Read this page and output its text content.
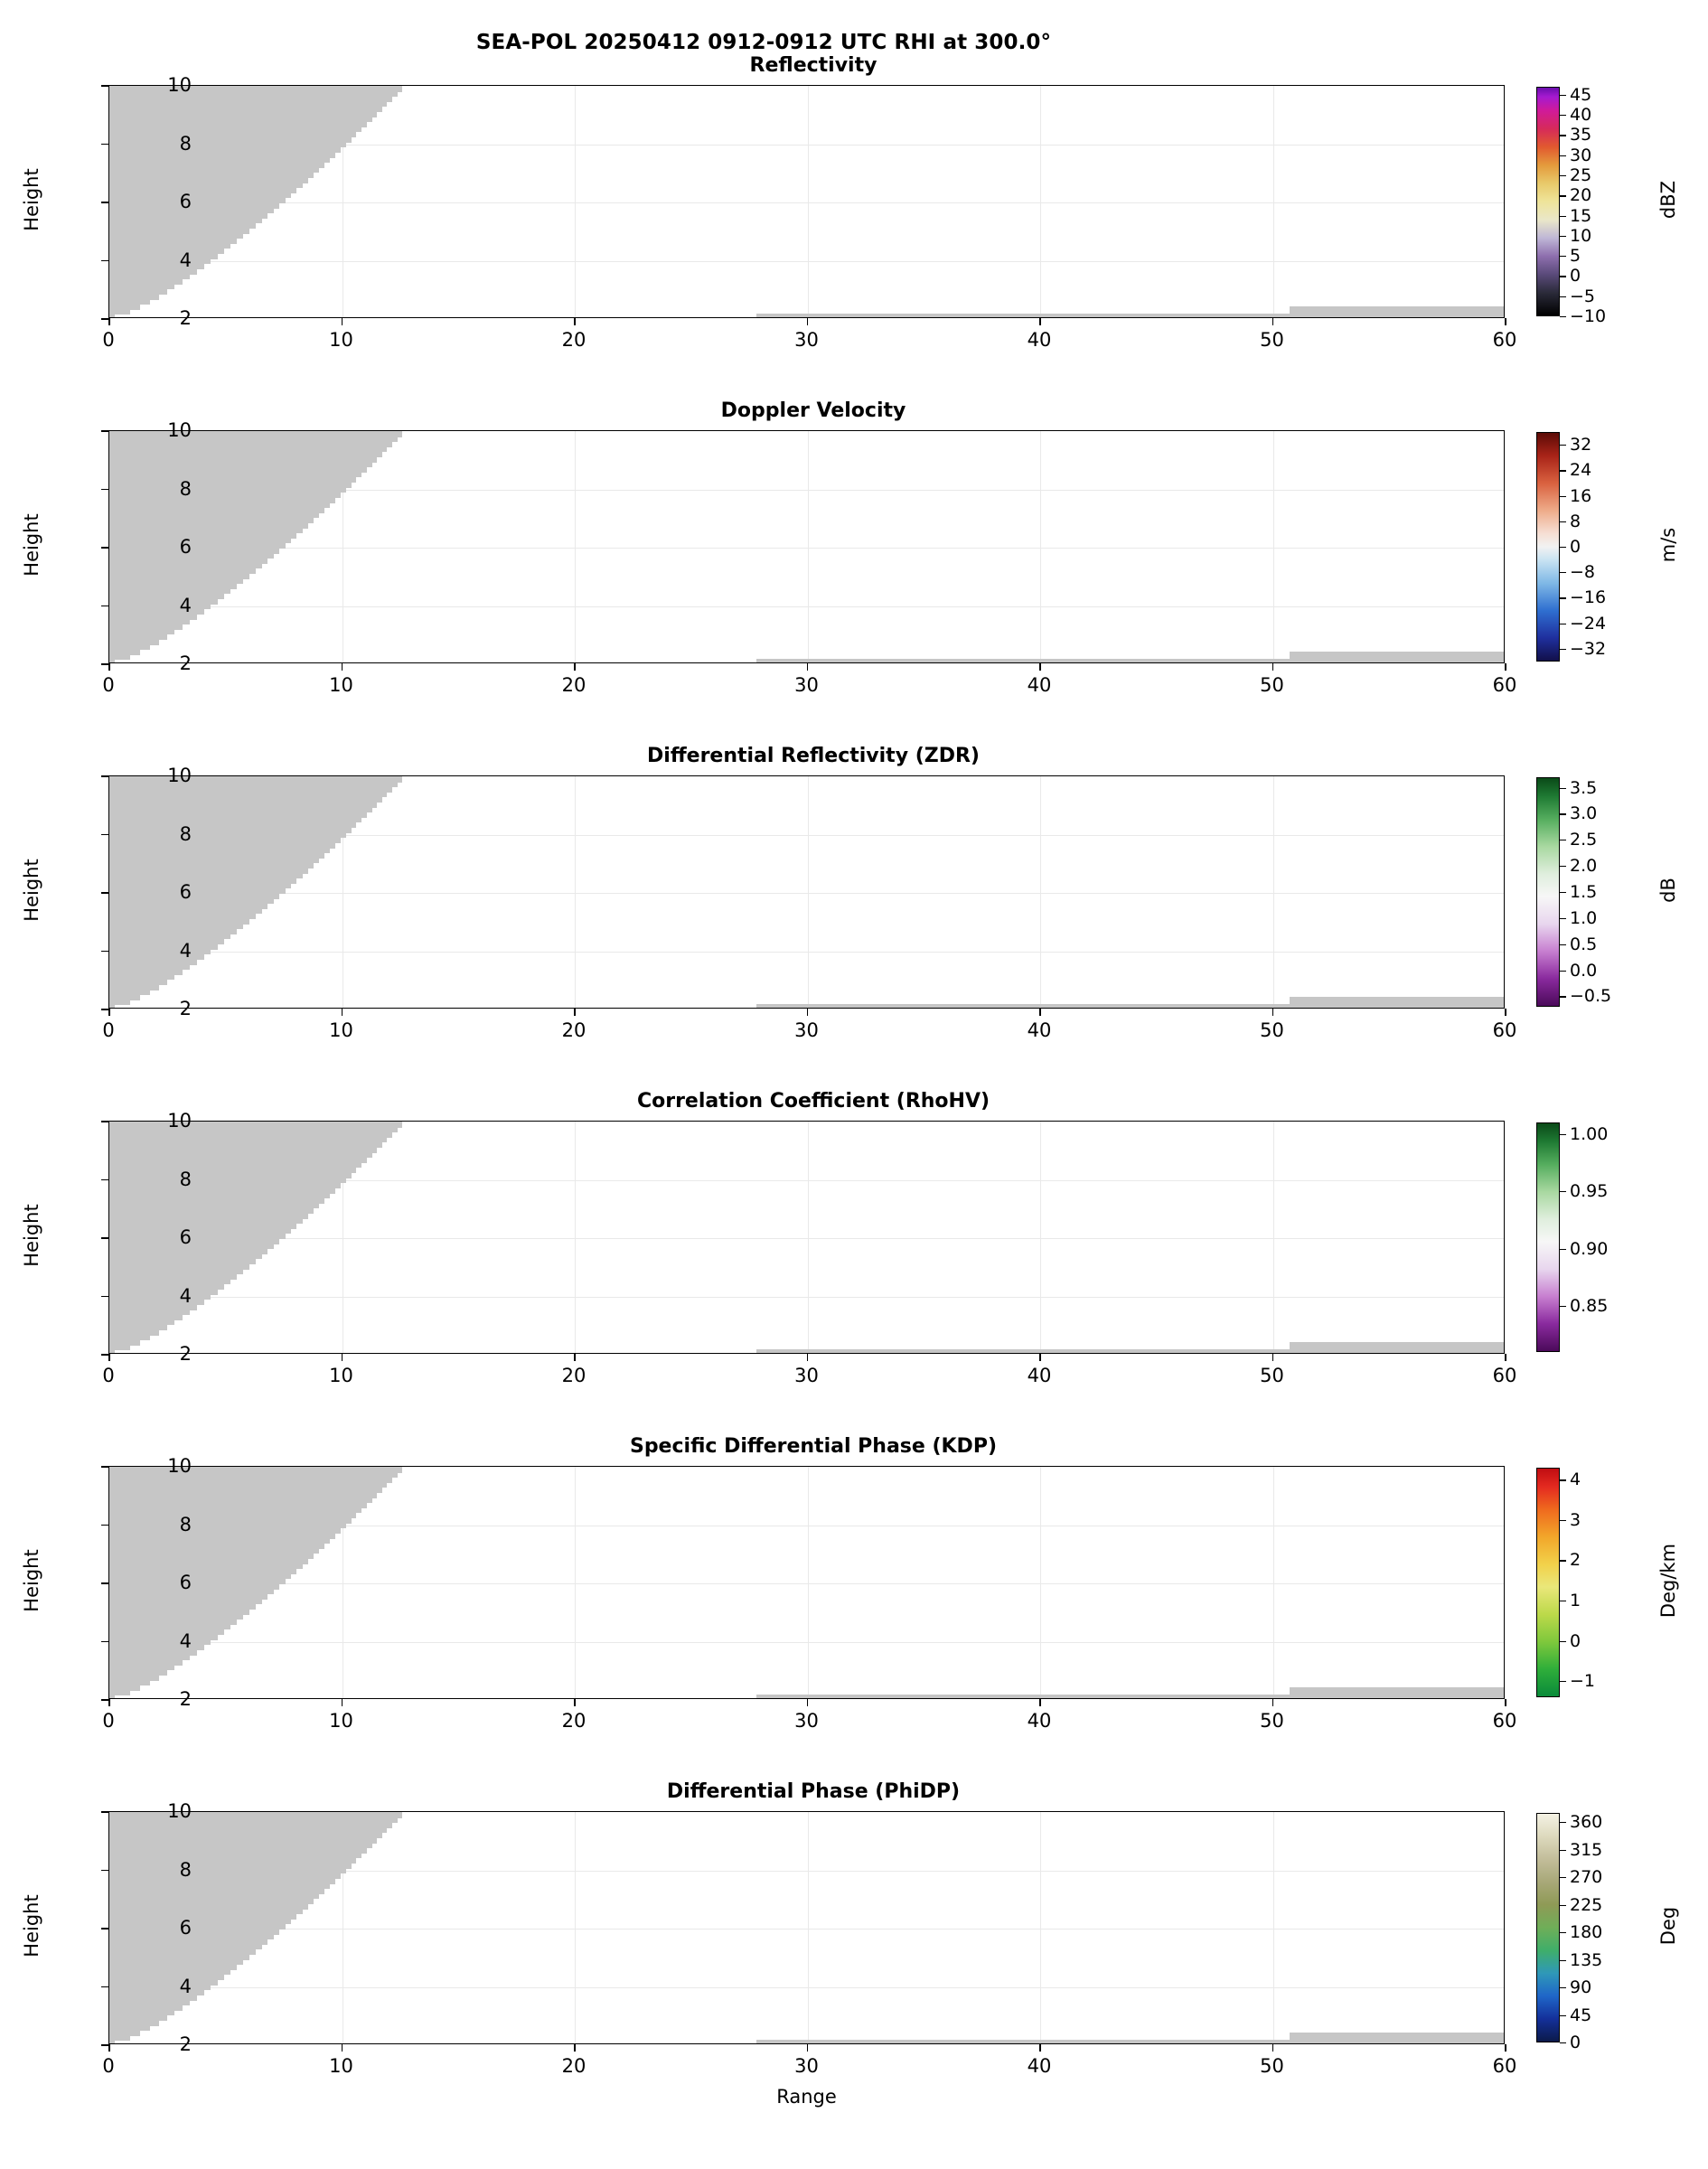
SEA-POL 20250412 0912-0912 UTC RHI at 300.0°
Reflectivity
2
4
6
8
10
0	10	20	30	40	50	60
Height
45
40
35
30
25
20
15
10
5
0
−5
−10
dBZ
Doppler Velocity
2
4
6
8
10
0	10	20	30	40	50	60
Height
32
24
16
8
0
−8
−16
−24
−32
m/s
Differential Reflectivity (ZDR)
2
4
6
8
10
0	10	20	30	40	50	60
Height
3.5
3.0
2.5
2.0
1.5
1.0
0.5
0.0
−0.5
dB
Correlation Coefficient (RhoHV)
2
4
6
8
10
0	10	20	30	40	50	60
Height
1.00
0.95
0.90
0.85
Specific Differential Phase (KDP)
2
4
6
8
10
0	10	20	30	40	50	60
Height
4
3
2
1
0
−1
Deg/km
Differential Phase (PhiDP)
2
4
6
8
10
0	10	20	30	40	50	60
Height
360
315
270
225
180
135
90
45
0
Deg
Range
